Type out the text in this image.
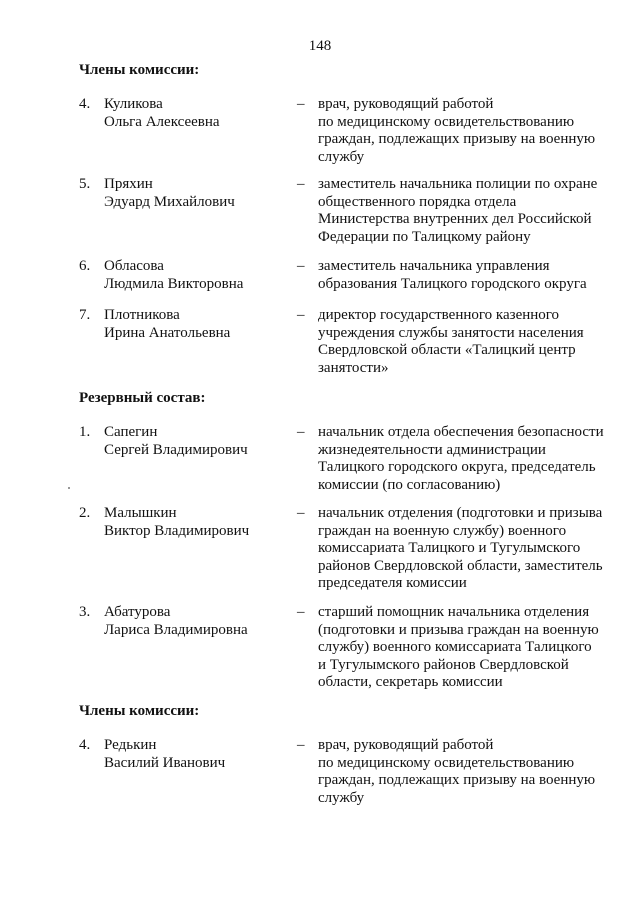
148
Члены комиссии:
4. Куликова
Ольга Алексеевна
– врач, руководящий работой
по медицинскому освидетельствованию
граждан, подлежащих призыву на военную
службу
5. Пряхин
Эдуард Михайлович
– заместитель начальника полиции по охране
общественного порядка отдела
Министерства внутренних дел Российской
Федерации по Талицкому району
6. Обласова
Людмила Викторовна
– заместитель начальника управления
образования Талицкого городского округа
7. Плотникова
Ирина Анатольевна
– директор государственного казенного
учреждения службы занятости населения
Свердловской области «Талицкий центр
занятости»
Резервный состав:
1. Сапегин
Сергей Владимирович
– начальник отдела обеспечения безопасности
жизнедеятельности администрации
Талицкого городского округа, председатель
комиссии (по согласованию)
2. Малышкин
Виктор Владимирович
– начальник отделения (подготовки и призыва
граждан на военную службу) военного
комиссариата Талицкого и Тугулымского
районов Свердловской области, заместитель
председателя комиссии
3. Абатурова
Лариса Владимировна
– старший помощник начальника отделения
(подготовки и призыва граждан на военную
службу) военного комиссариата Талицкого
и Тугулымского районов Свердловской
области, секретарь комиссии
Члены комиссии:
4. Редькин
Василий Иванович
– врач, руководящий работой
по медицинскому освидетельствованию
граждан, подлежащих призыву на военную
службу
